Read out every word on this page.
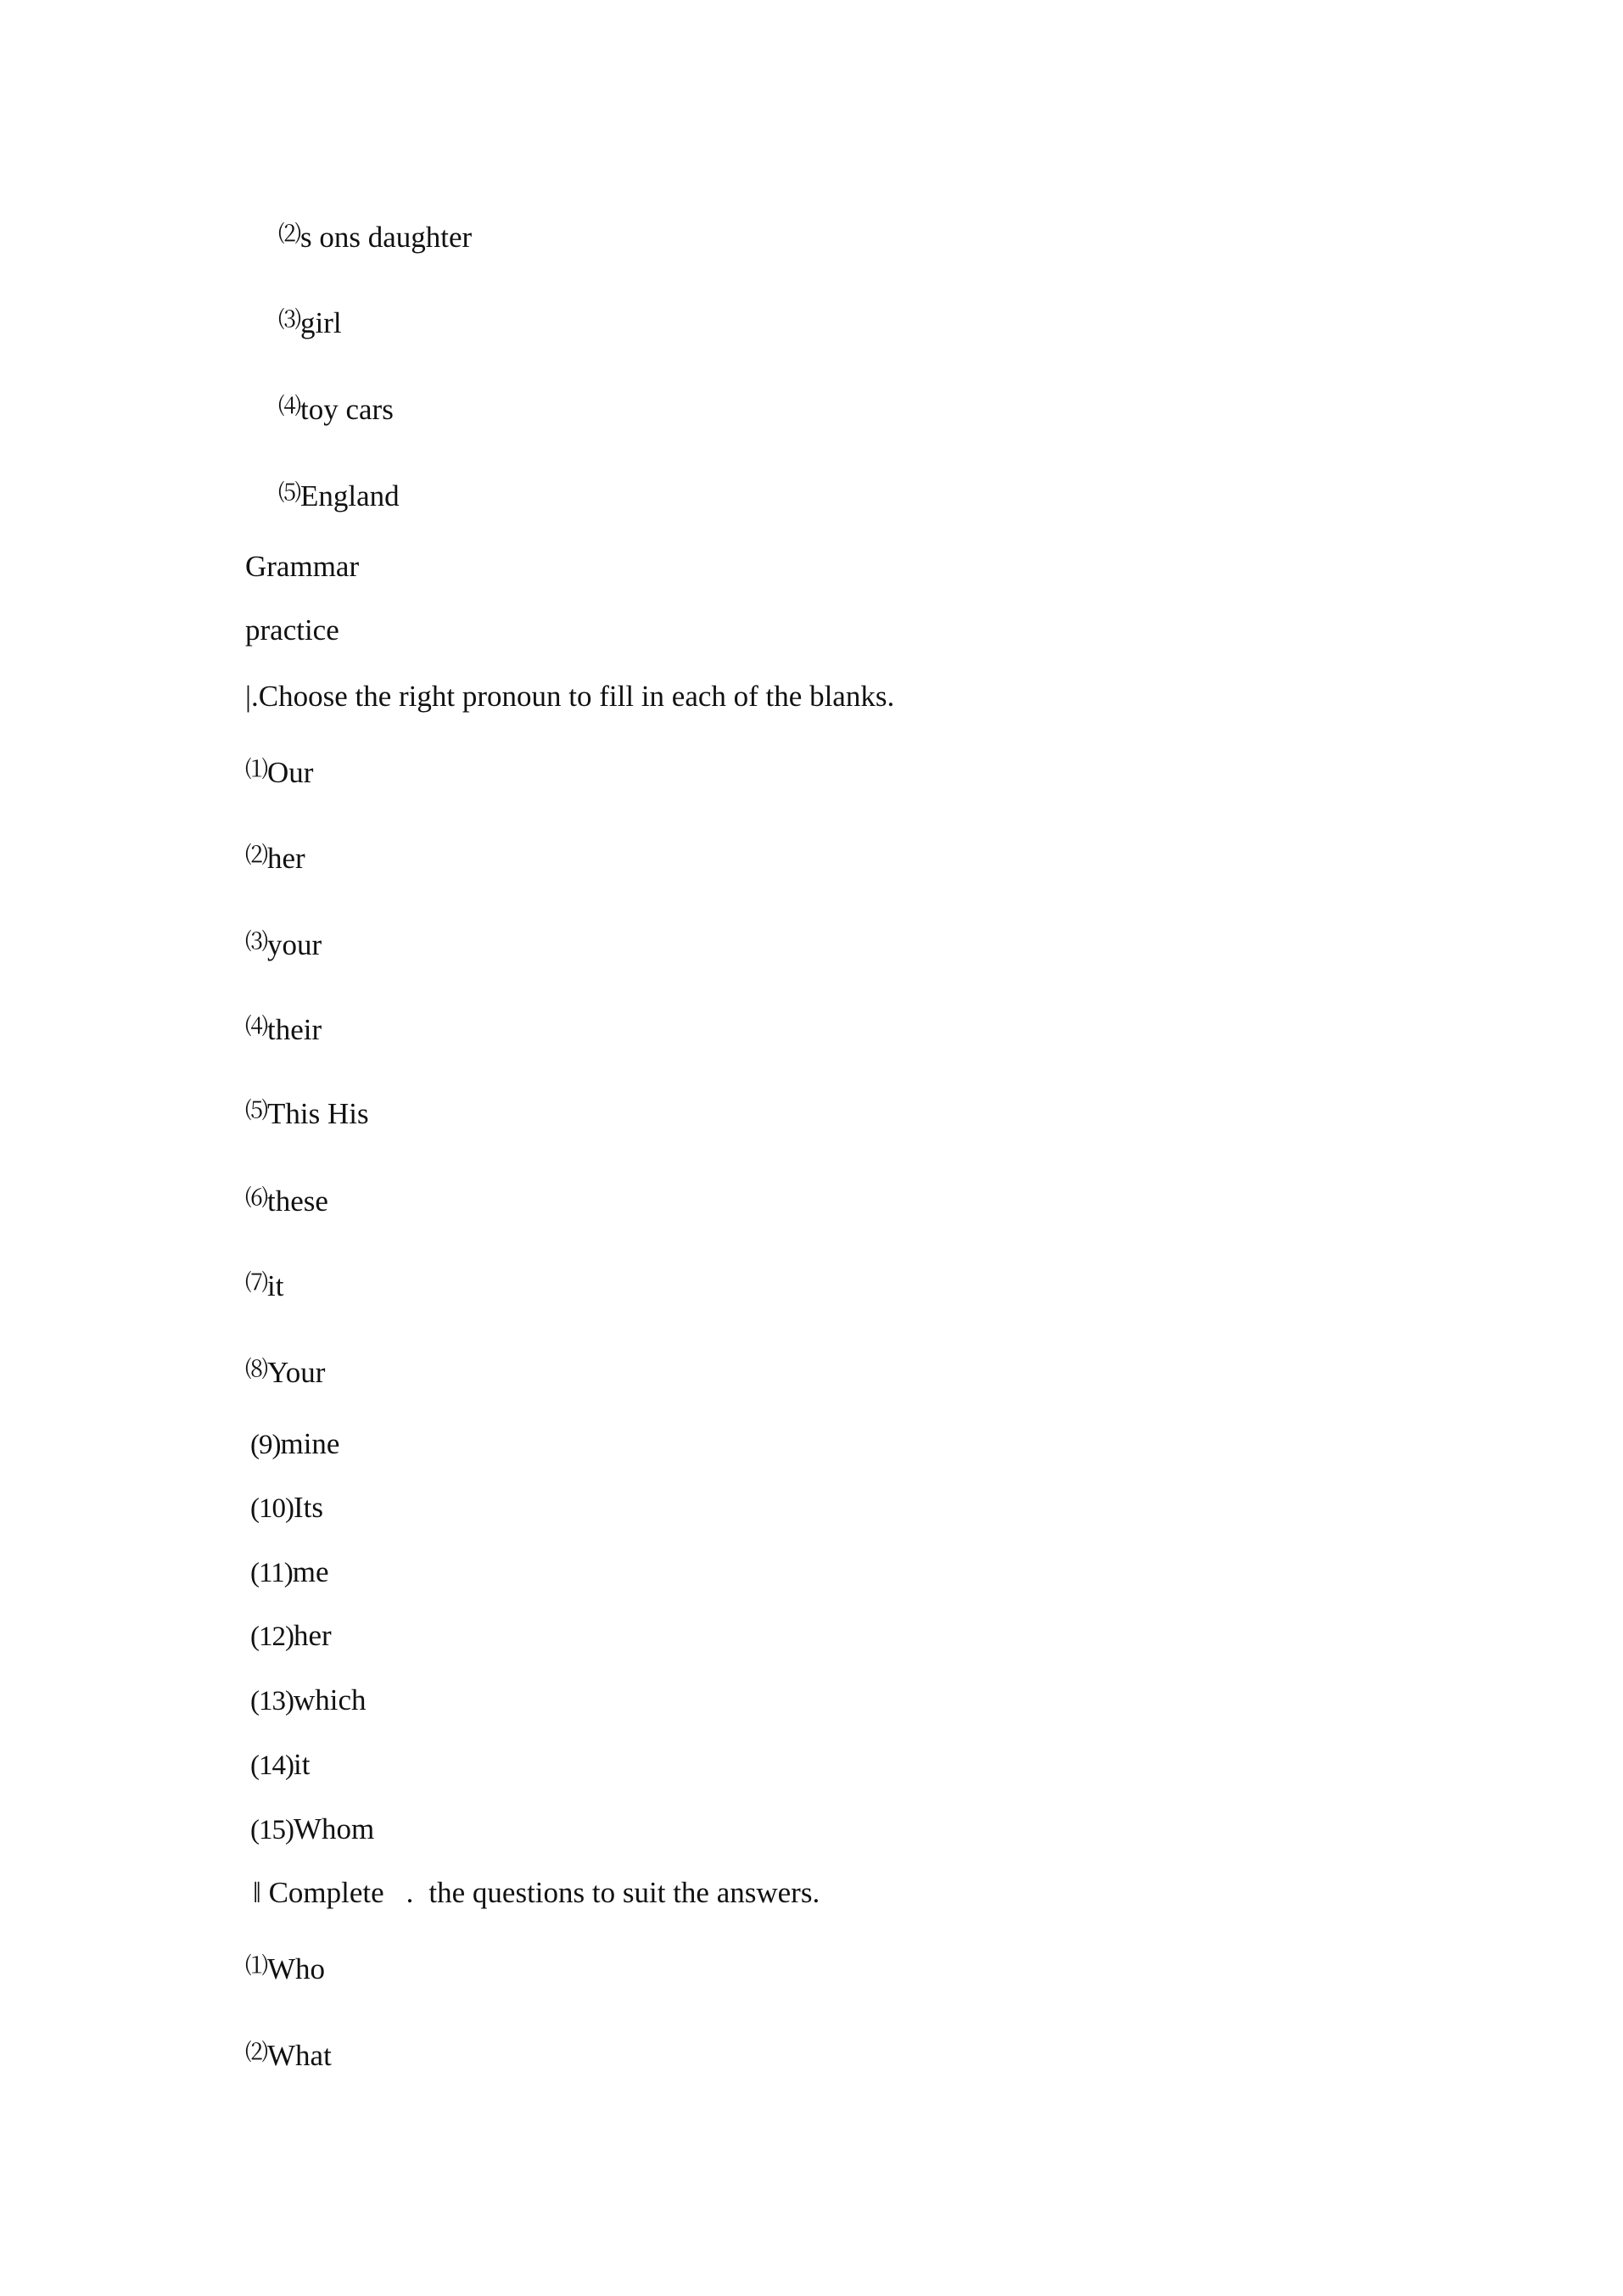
⑵s ons daughter
⑶girl
⑷toy cars
⑸England
Grammar
practice
|.Choose the right pronoun to fill in each of the blanks.
⑴Our
⑵her
⑶your
⑷their
⑸This His
⑹these
⑺it
⑻Your
(9)mine
(10)Its
(11)me
(12)her
(13)which
(14)it
(15)Whom
‖ Complete . the questions to suit the answers.
⑴Who
⑵What
